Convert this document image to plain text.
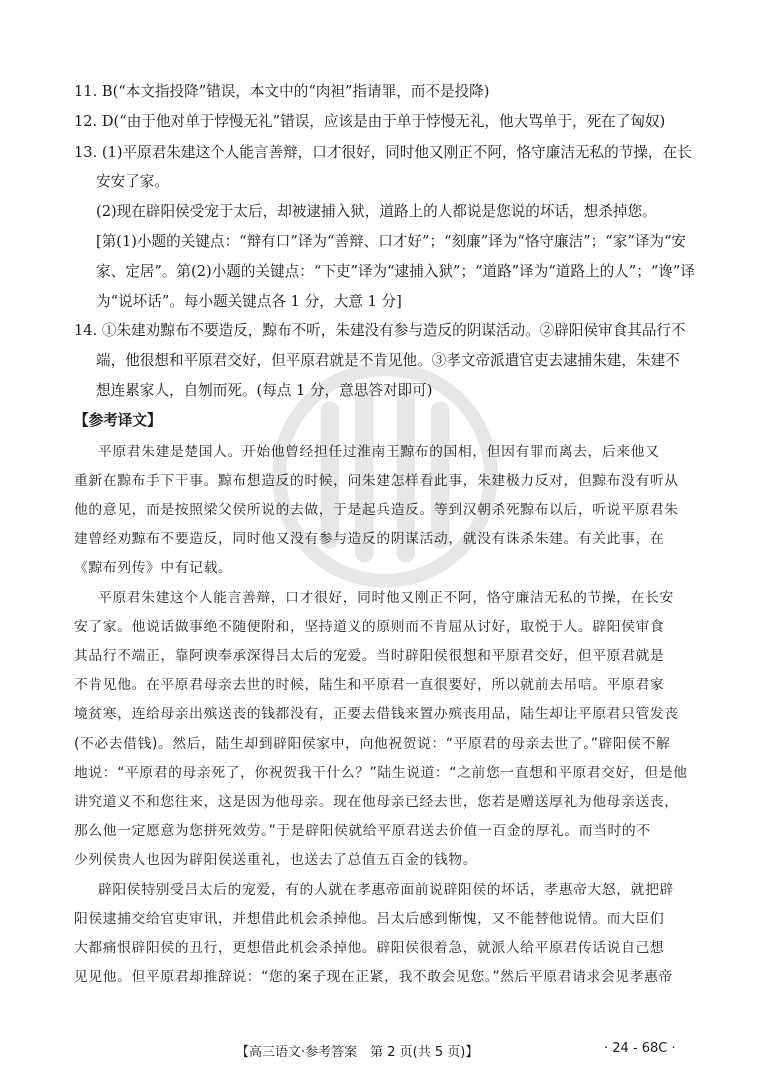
11. B(“本文指投降”错误，本文中的“肉袒”指请罪，而不是投降)
12. D(“由于他对单于悖慢无礼”错误，应该是由于单于悖慢无礼，他大骂单于，死在了匈奴)
13. (1)平原君朱建这个人能言善辩，口才很好，同时他又刚正不阿，恪守廉洁无私的节操，在长
安安了家。
(2)现在辟阳侯受宠于太后，却被逮捕入狱，道路上的人都说是您说的坏话，想杀掉您。
[第(1)小题的关键点：“辩有口”译为“善辩、口才好”；“刻廉”译为“恪守廉洁”；“家”译为“安
家、定居”。第(2)小题的关键点：“下吏”译为“逮捕入狱”；“道路”译为“道路上的人”；“谗”译
为“说坏话”。每小题关键点各 1 分，大意 1 分]
14. ①朱建劝黥布不要造反，黥布不听，朱建没有参与造反的阴谋活动。②辟阳侯审食其品行不
端，他很想和平原君交好，但平原君就是不肯见他。③孝文帝派遣官吏去逮捕朱建，朱建不
想连累家人，自刎而死。(每点 1 分，意思答对即可)
【参考译文】
平原君朱建是楚国人。开始他曾经担任过淮南王黥布的国相，但因有罪而离去，后来他又
重新在黥布手下干事。黥布想造反的时候，问朱建怎样看此事，朱建极力反对，但黥布没有听从
他的意见，而是按照梁父侯所说的去做，于是起兵造反。等到汉朝杀死黥布以后，听说平原君朱
建曾经劝黥布不要造反，同时他又没有参与造反的阴谋活动，就没有诛杀朱建。有关此事，在
《黥布列传》中有记载。
平原君朱建这个人能言善辩，口才很好，同时他又刚正不阿，恪守廉洁无私的节操，在长安
安了家。他说话做事绝不随便附和，坚持道义的原则而不肯屈从讨好，取悦于人。辟阳侯审食
其品行不端正，靠阿谀奉承深得吕太后的宠爱。当时辟阳侯很想和平原君交好，但平原君就是
不肯见他。在平原君母亲去世的时候，陆生和平原君一直很要好，所以就前去吊唁。平原君家
境贫寒，连给母亲出殡送丧的钱都没有，正要去借钱来置办殡丧用品，陆生却让平原君只管发丧
(不必去借钱)。然后，陆生却到辟阳侯家中，向他祝贺说：“平原君的母亲去世了。”辟阳侯不解
地说：“平原君的母亲死了，你祝贺我干什么？”陆生说道：“之前您一直想和平原君交好，但是他
讲究道义不和您往来，这是因为他母亲。现在他母亲已经去世，您若是赠送厚礼为他母亲送丧，
那么他一定愿意为您拼死效劳。”于是辟阳侯就给平原君送去价值一百金的厚礼。而当时的不
少列侯贵人也因为辟阳侯送重礼，也送去了总值五百金的钱物。
辟阳侯特别受吕太后的宠爱，有的人就在孝惠帝面前说辟阳侯的坏话，孝惠帝大怒，就把辟
阳侯逮捕交给官吏审讯，并想借此机会杀掉他。吕太后感到惭愧，又不能替他说情。而大臣们
大都痛恨辟阳侯的丑行，更想借此机会杀掉他。辟阳侯很着急，就派人给平原君传话说自己想
见见他。但平原君却推辞说：“您的案子现在正紧，我不敢会见您。”然后平原君请求会见孝惠帝
【高三语文·参考答案　第 2 页(共 5 页)】	· 24 - 68C ·
